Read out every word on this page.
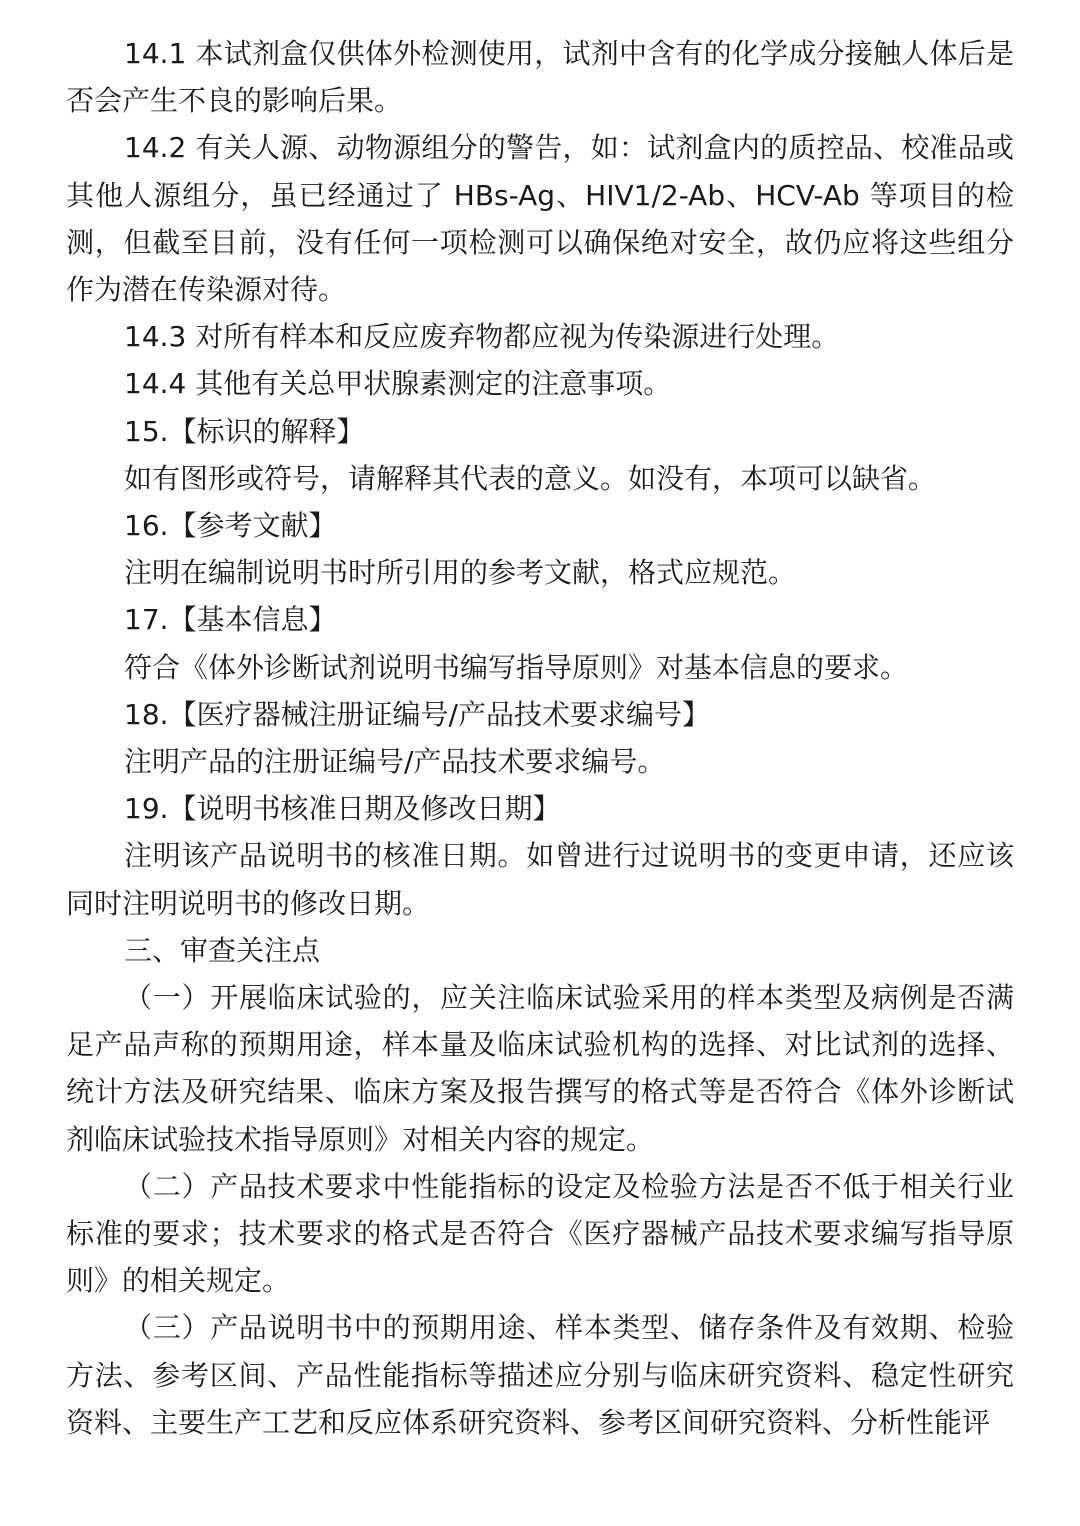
14.1 本试剂盒仅供体外检测使用，试剂中含有的化学成分接触人体后是否会产生不良的影响后果。

14.2 有关人源、动物源组分的警告，如：试剂盒内的质控品、校准品或其他人源组分，虽已经通过了 HBs-Ag、HIV1/2-Ab、HCV-Ab 等项目的检测，但截至目前，没有任何一项检测可以确保绝对安全，故仍应将这些组分作为潜在传染源对待。

14.3 对所有样本和反应废弃物都应视为传染源进行处理。

14.4 其他有关总甲状腺素测定的注意事项。

15.【标识的解释】

如有图形或符号，请解释其代表的意义。如没有，本项可以缺省。

16.【参考文献】

注明在编制说明书时所引用的参考文献，格式应规范。

17.【基本信息】

符合《体外诊断试剂说明书编写指导原则》对基本信息的要求。

18.【医疗器械注册证编号/产品技术要求编号】

注明产品的注册证编号/产品技术要求编号。

19.【说明书核准日期及修改日期】

注明该产品说明书的核准日期。如曾进行过说明书的变更申请，还应该同时注明说明书的修改日期。

三、审查关注点

（一）开展临床试验的，应关注临床试验采用的样本类型及病例是否满足产品声称的预期用途，样本量及临床试验机构的选择、对比试剂的选择、统计方法及研究结果、临床方案及报告撰写的格式等是否符合《体外诊断试剂临床试验技术指导原则》对相关内容的规定。

（二）产品技术要求中性能指标的设定及检验方法是否不低于相关行业标准的要求；技术要求的格式是否符合《医疗器械产品技术要求编写指导原则》的相关规定。

（三）产品说明书中的预期用途、样本类型、储存条件及有效期、检验方法、参考区间、产品性能指标等描述应分别与临床研究资料、稳定性研究资料、主要生产工艺和反应体系研究资料、参考区间研究资料、分析性能评
